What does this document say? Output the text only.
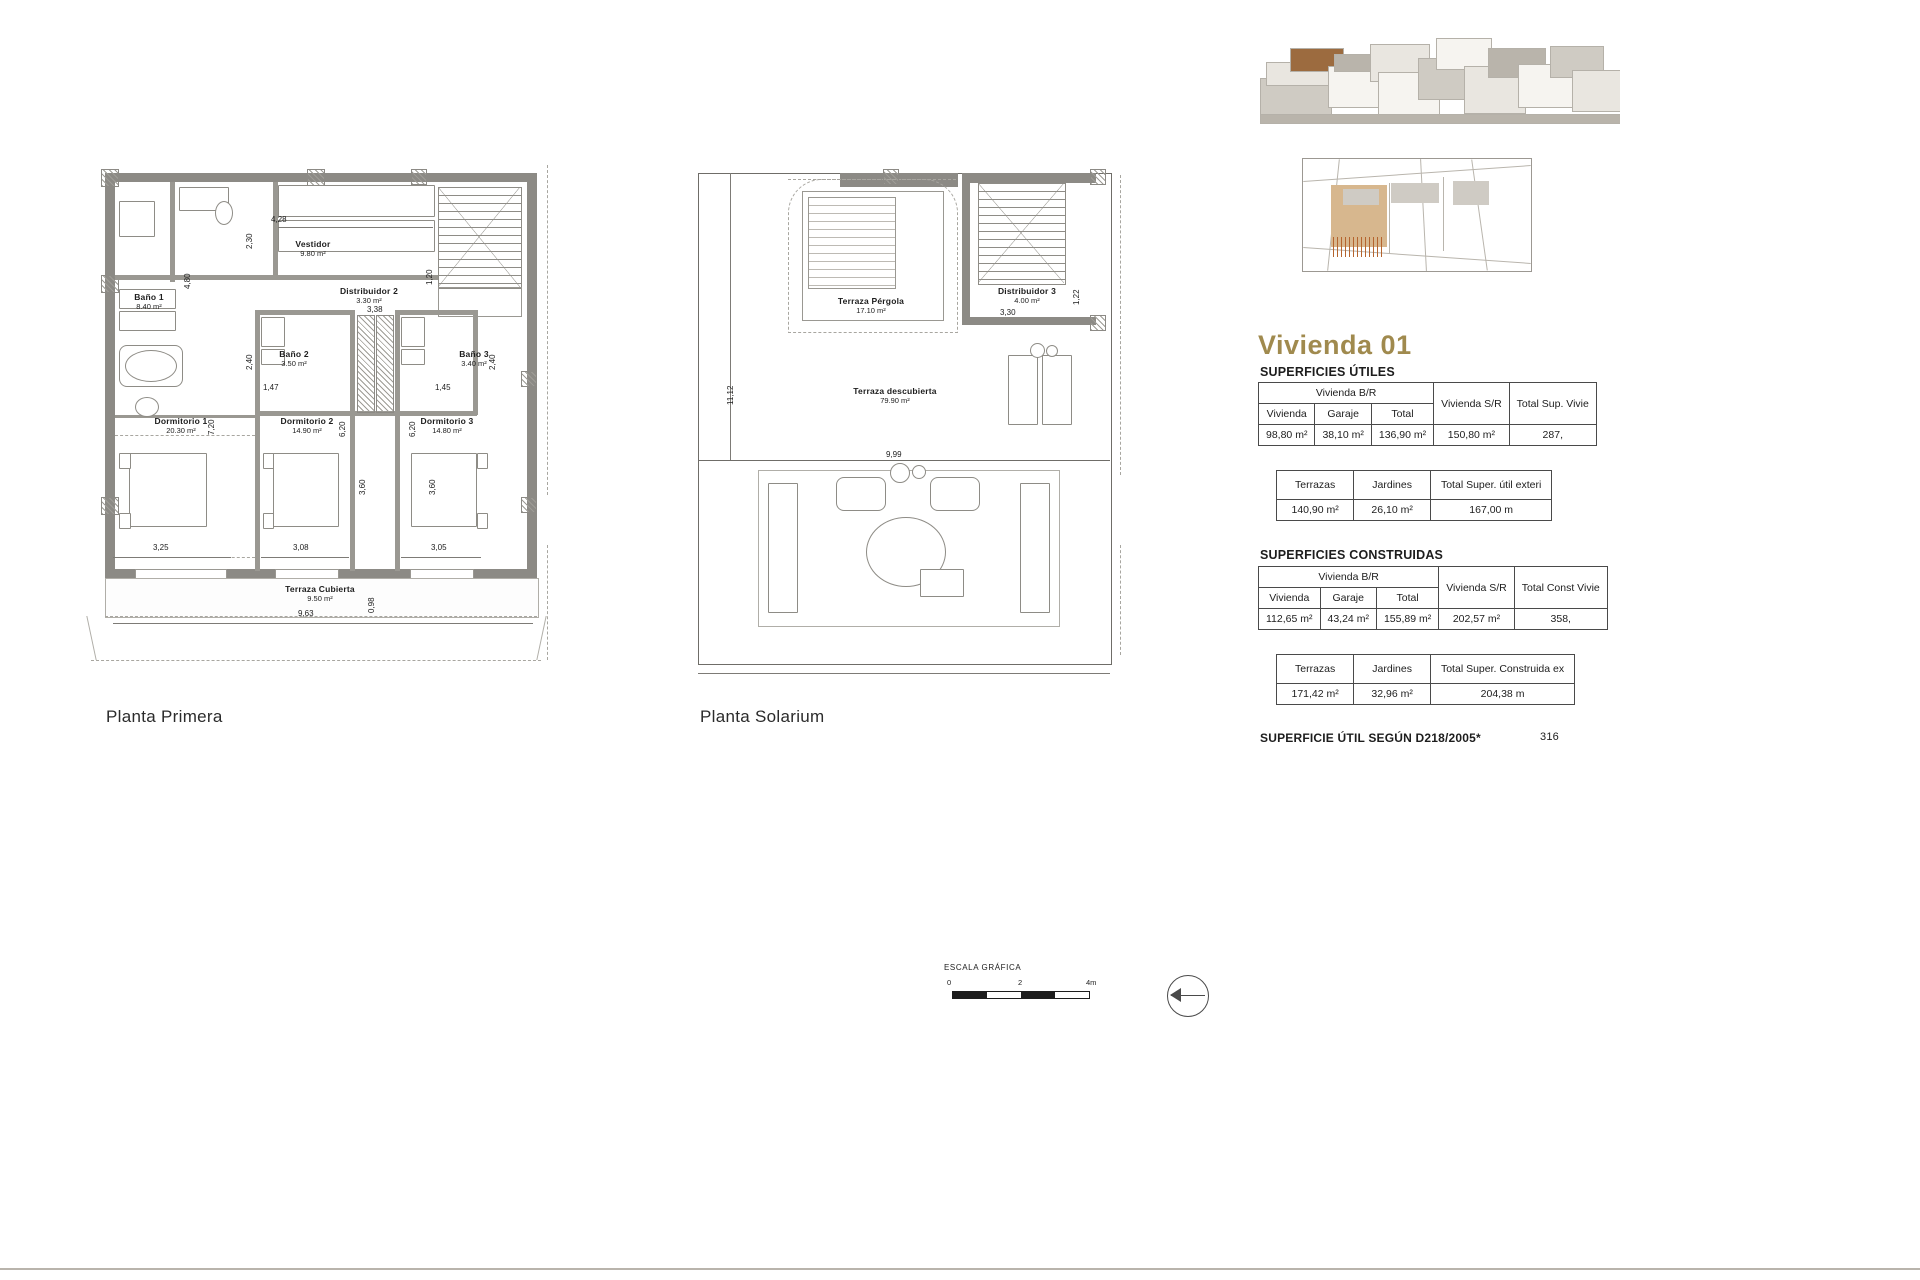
Vestidor
9.80 m²
Baño 1
8.40 m²
Distribuidor 2
3.30 m²
Baño 2
3.50 m²
Baño 3
3.40 m²
Dormitorio 1
20.30 m²
Dormitorio 2
14.90 m²
Dormitorio 3
14.80 m²
Terraza Cubierta
9.50 m²
4,28
2,30
4,80	1,20
3,38
2,40	2,40
7,20
1,47	1,45
6,20	6,20
3,60	3,60
3,25	3,08	3,05
0,98
9,63
Planta Primera
Terraza Pérgola
17.10 m²
Distribuidor 3
4.00 m²
Terraza descubierta
79.90 m²
11,12
3,30
1,22
9,99
Planta Solarium
Vivienda 01
SUPERFICIES ÚTILES
Vivienda B/R			Vivienda S/R	Total Sup. Vivie
Vivienda	Garaje	Total		
98,80 m²	38,10 m²	136,90 m²	150,80 m²	287,
Terrazas	Jardines	Total Super. útil exteri
140,90 m²	26,10 m²	167,00 m
SUPERFICIES CONSTRUIDAS
Vivienda B/R			Vivienda S/R	Total Const Vivie
Vivienda	Garaje	Total		
112,65 m²	43,24 m²	155,89 m²	202,57 m²	358,
Terrazas	Jardines	Total Super. Construida ex
171,42 m²	32,96 m²	204,38 m
SUPERFICIE ÚTIL SEGÚN D218/2005*	316
ESCALA GRÁFICA
0	2	4m
